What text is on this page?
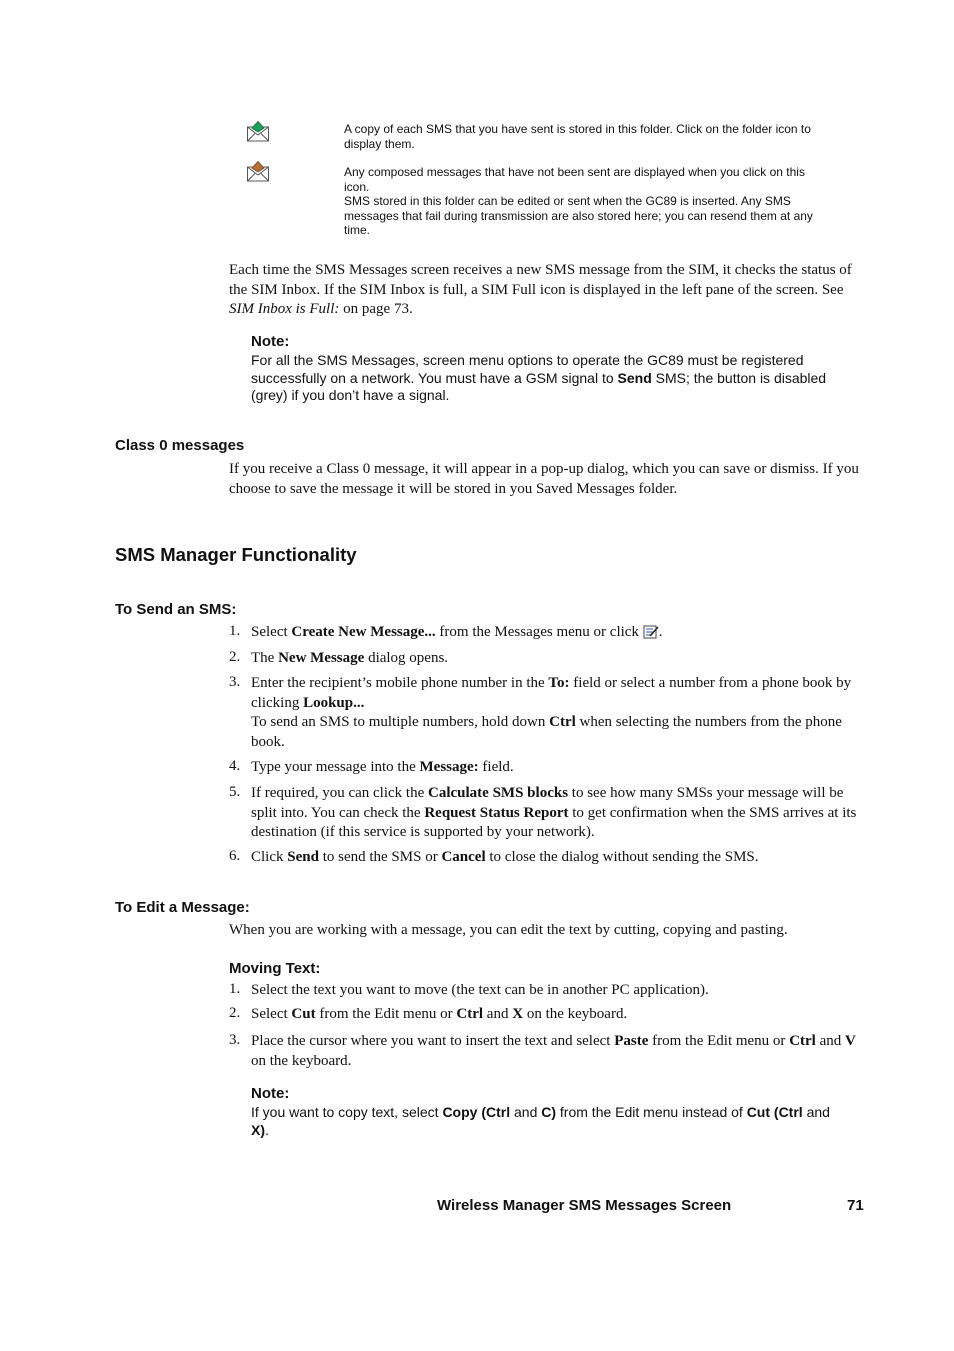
A copy of each SMS that you have sent is stored in this folder. Click on the folder icon to display them.
Any composed messages that have not been sent are displayed when you click on this icon.
SMS stored in this folder can be edited or sent when the GC89 is inserted. Any SMS messages that fail during transmission are also stored here; you can resend them at any time.
Each time the SMS Messages screen receives a new SMS message from the SIM, it checks the status of the SIM Inbox. If the SIM Inbox is full, a SIM Full icon is displayed in the left pane of the screen. See SIM Inbox is Full: on page 73.
Note:
For all the SMS Messages, screen menu options to operate the GC89 must be registered successfully on a network. You must have a GSM signal to Send SMS; the button is disabled (grey) if you don’t have a signal.
Class 0 messages
If you receive a Class 0 message, it will appear in a pop-up dialog, which you can save or dismiss. If you choose to save the message it will be stored in you Saved Messages folder.
SMS Manager Functionality
To Send an SMS:
1. Select Create New Message... from the Messages menu or click .
2. The New Message dialog opens.
3. Enter the recipient’s mobile phone number in the To: field or select a number from a phone book by clicking Lookup...
To send an SMS to multiple numbers, hold down Ctrl when selecting the numbers from the phone book.
4. Type your message into the Message: field.
5. If required, you can click the Calculate SMS blocks to see how many SMSs your message will be split into. You can check the Request Status Report to get confirmation when the SMS arrives at its destination (if this service is supported by your network).
6. Click Send to send the SMS or Cancel to close the dialog without sending the SMS.
To Edit a Message:
When you are working with a message, you can edit the text by cutting, copying and pasting.
Moving Text:
1. Select the text you want to move (the text can be in another PC application).
2. Select Cut from the Edit menu or Ctrl and X on the keyboard.
3. Place the cursor where you want to insert the text and select Paste from the Edit menu or Ctrl and V on the keyboard.
Note:
If you want to copy text, select Copy (Ctrl and C) from the Edit menu instead of Cut (Ctrl and X).
Wireless Manager SMS Messages Screen	71
